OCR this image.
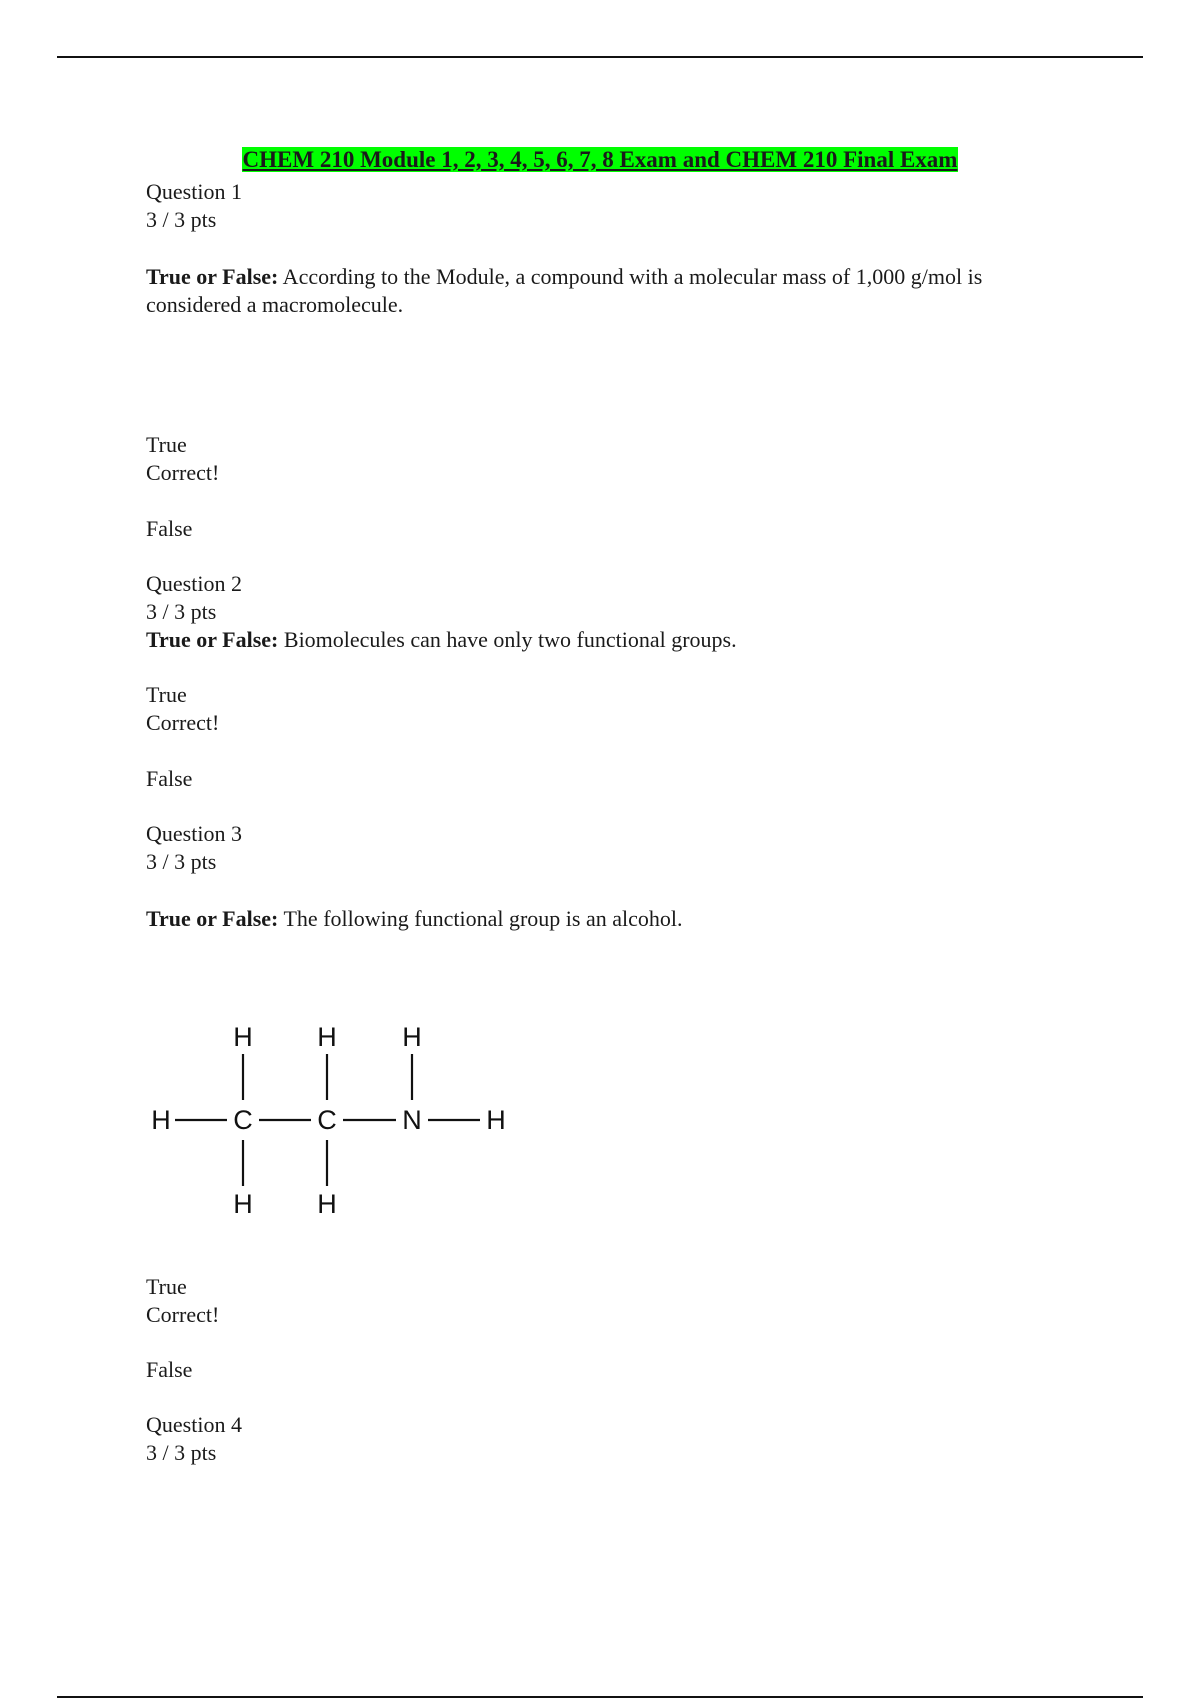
CHEM 210 Module 1, 2, 3, 4, 5, 6, 7, 8 Exam and CHEM 210 Final Exam

Question 1

3 / 3 pts

True or False: According to the Module, a compound with a molecular mass of 1,000 g/mol is considered a macromolecule.

True

Correct!

False

Question 2

3 / 3 pts

True or False: Biomolecules can have only two functional groups.

True

Correct!

False

Question 3

3 / 3 pts

True or False: The following functional group is an alcohol.

H H H
H C C N H
H H

True

Correct!

False

Question 4

3 / 3 pts
